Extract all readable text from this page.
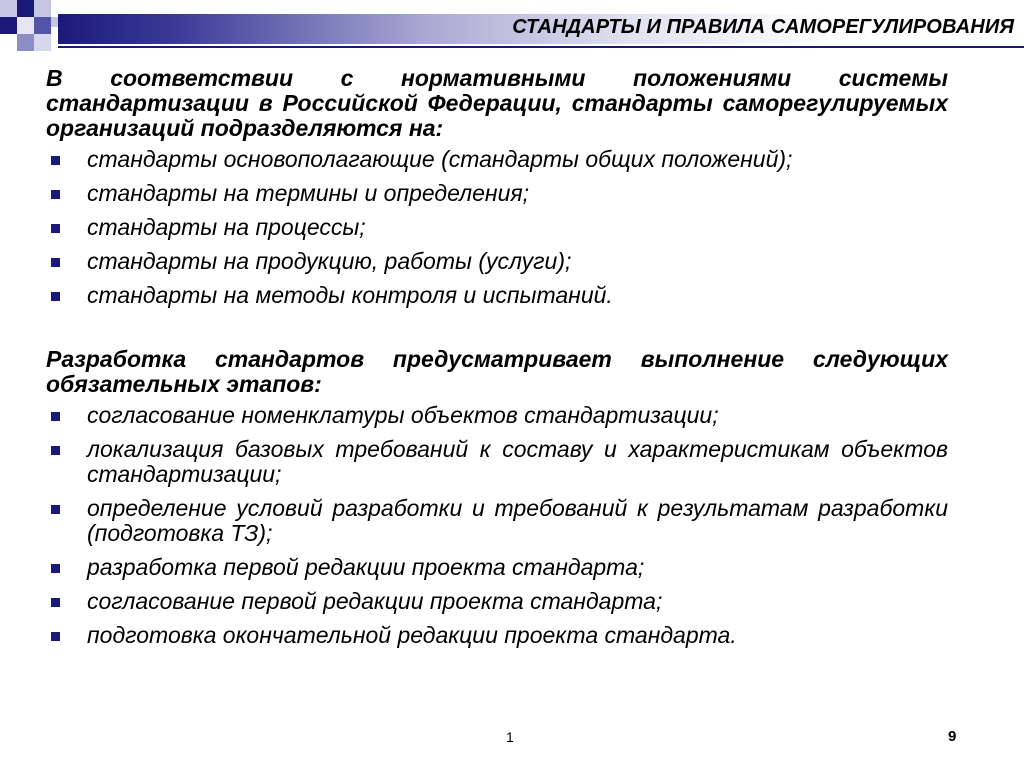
СТАНДАРТЫ И ПРАВИЛА САМОРЕГУЛИРОВАНИЯ

В соответствии с нормативными положениями системы стандартизации в Российской Федерации, стандарты саморегулируемых организаций подразделяются на:

стандарты основополагающие (стандарты общих положений);
стандарты на термины и определения;
стандарты на процессы;
стандарты на продукцию, работы (услуги);
стандарты на методы контроля и испытаний.

Разработка стандартов предусматривает выполнение следующих обязательных этапов:

согласование номенклатуры объектов стандартизации;
локализация базовых требований к составу и характеристикам объектов стандартизации;
определение условий разработки и требований к результатам разработки (подготовка ТЗ);
разработка первой редакции проекта стандарта;
согласование первой редакции проекта стандарта;
подготовка окончательной редакции проекта стандарта.
1	9
